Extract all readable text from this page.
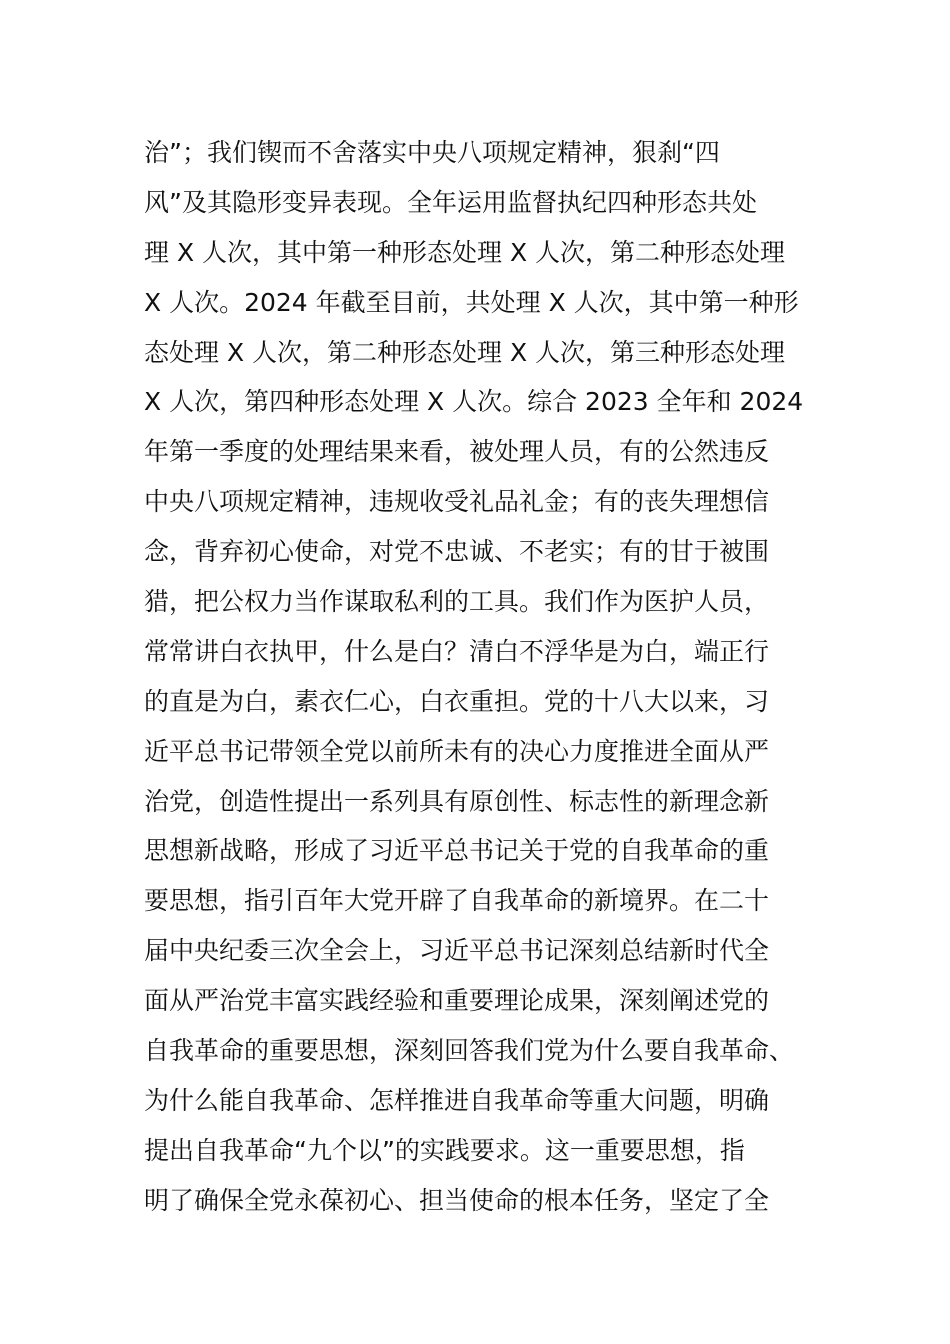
治”；我们锲而不舍落实中央八项规定精神，狠刹“四
风”及其隐形变异表现。全年运用监督执纪四种形态共处
理 X 人次，其中第一种形态处理 X 人次，第二种形态处理
X 人次。2024 年截至目前，共处理 X 人次，其中第一种形
态处理 X 人次，第二种形态处理 X 人次，第三种形态处理
X 人次，第四种形态处理 X 人次。综合 2023 全年和 2024
年第一季度的处理结果来看，被处理人员，有的公然违反
中央八项规定精神，违规收受礼品礼金；有的丧失理想信
念，背弃初心使命，对党不忠诚、不老实；有的甘于被围
猎，把公权力当作谋取私利的工具。我们作为医护人员，
常常讲白衣执甲，什么是白？清白不浮华是为白，端正行
的直是为白，素衣仁心，白衣重担。党的十八大以来，习
近平总书记带领全党以前所未有的决心力度推进全面从严
治党，创造性提出一系列具有原创性、标志性的新理念新
思想新战略，形成了习近平总书记关于党的自我革命的重
要思想，指引百年大党开辟了自我革命的新境界。在二十
届中央纪委三次全会上，习近平总书记深刻总结新时代全
面从严治党丰富实践经验和重要理论成果，深刻阐述党的
自我革命的重要思想，深刻回答我们党为什么要自我革命、
为什么能自我革命、怎样推进自我革命等重大问题，明确
提出自我革命“九个以”的实践要求。这一重要思想，指
明了确保全党永葆初心、担当使命的根本任务，坚定了全
